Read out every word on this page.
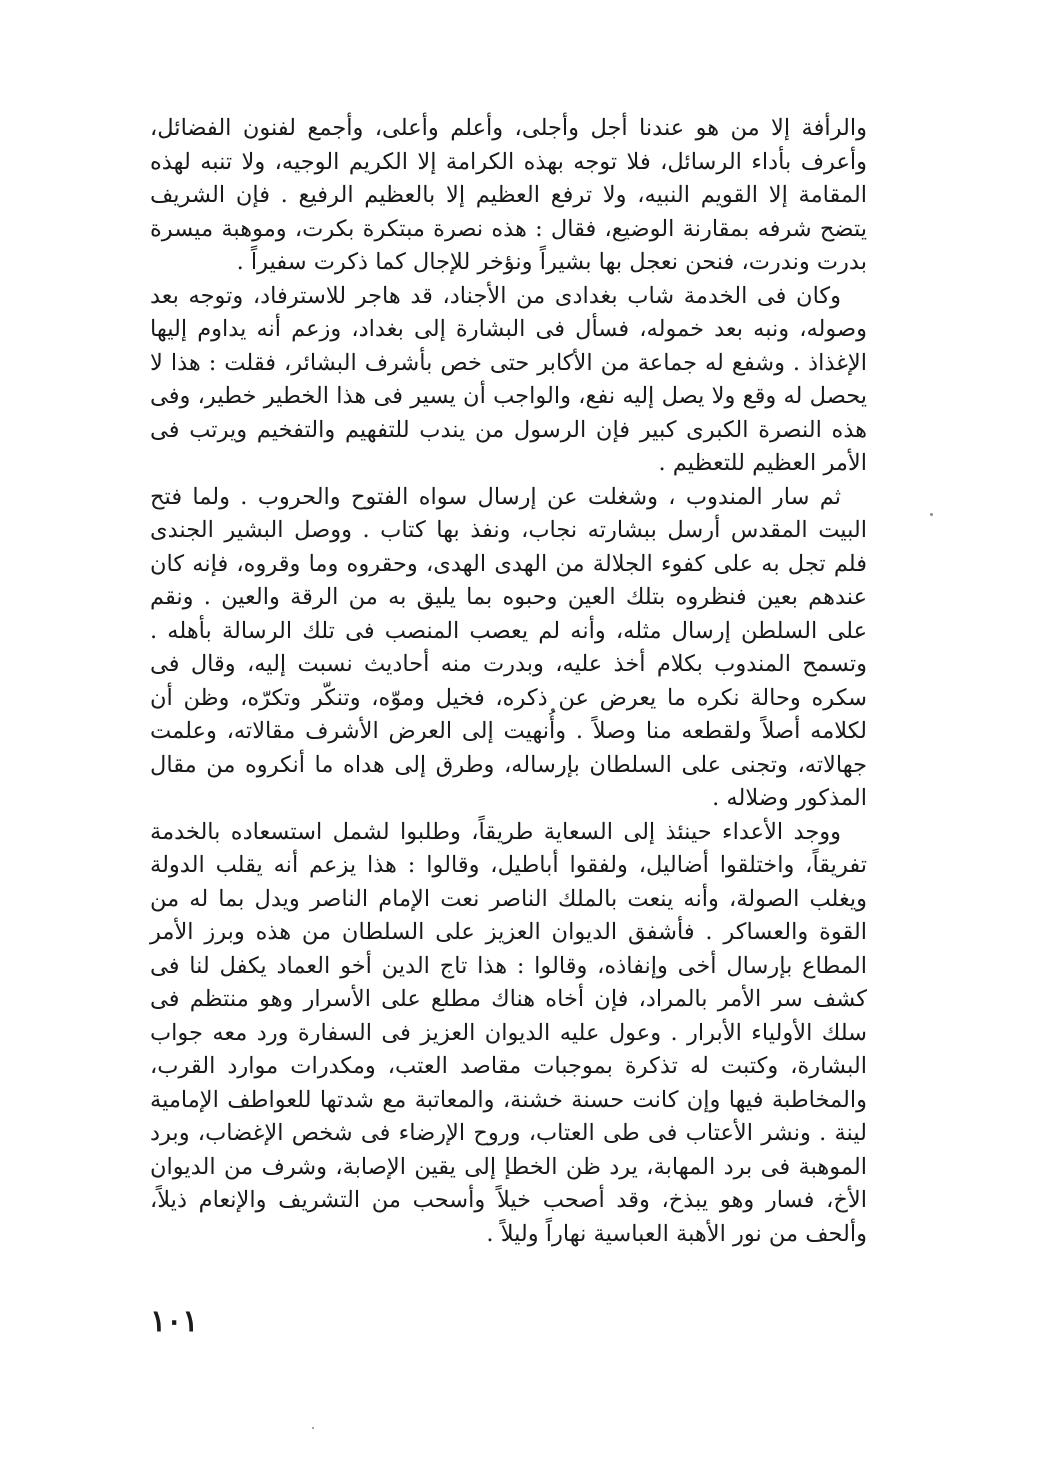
والرأفة إلا من هو عندنا أجل وأجلى، وأعلم وأعلى، وأجمع لفنون الفضائل، وأعرف بأداء الرسائل، فلا توجه بهذه الكرامة إلا الكريم الوجيه، ولا تنبه لهذه المقامة إلا القويم النبيه، ولا ترفع العظيم إلا بالعظيم الرفيع . فإن الشريف يتضح شرفه بمقارنة الوضيع، فقال : هذه نصرة مبتكرة بكرت، وموهبة ميسرة بدرت وندرت، فنحن نعجل بها بشيراً ونؤخر للإجال كما ذكرت سفيراً .

وكان فى الخدمة شاب بغدادى من الأجناد، قد هاجر للاسترفاد، وتوجه بعد وصوله، ونبه بعد خموله، فسأل فى البشارة إلى بغداد، وزعم أنه يداوم إليها الإغذاذ . وشفع له جماعة من الأكابر حتى خص بأشرف البشائر، فقلت : هذا لا يحصل له وقع ولا يصل إليه نفع، والواجب أن يسير فى هذا الخطير خطير، وفى هذه النصرة الكبرى كبير فإن الرسول من يندب للتفهيم والتفخيم ويرتب فى الأمر العظيم للتعظيم .

ثم سار المندوب ، وشغلت عن إرسال سواه الفتوح والحروب . ولما فتح البيت المقدس أرسل ببشارته نجاب، ونفذ بها كتاب . ووصل البشير الجندى فلم تجل به على كفوء الجلالة من الهدى الهدى، وحقروه وما وقروه، فإنه كان عندهم بعين فنظروه بتلك العين وحبوه بما يليق به من الرقة والعين . ونقم على السلطن إرسال مثله، وأنه لم يعصب المنصب فى تلك الرسالة بأهله . وتسمح المندوب بكلام أخذ عليه، وبدرت منه أحاديث نسبت إليه، وقال فى سكره وحالة نكره ما يعرض عن ذكره، فخيل وموّه، وتنكّر وتكرّه، وظن أن لكلامه أصلاً ولقطعه منا وصلاً . وأُنهيت إلى العرض الأشرف مقالاته، وعلمت جهالاته، وتجنى على السلطان بإرساله، وطرق إلى هداه ما أنكروه من مقال المذكور وضلاله .

ووجد الأعداء حينئذ إلى السعاية طريقاً، وطلبوا لشمل استسعاده بالخدمة تفريقاً، واختلقوا أضاليل، ولفقوا أباطيل، وقالوا : هذا يزعم أنه يقلب الدولة ويغلب الصولة، وأنه ينعت بالملك الناصر نعت الإمام الناصر ويدل بما له من القوة والعساكر . فأشفق الديوان العزيز على السلطان من هذه وبرز الأمر المطاع بإرسال أخى وإنفاذه، وقالوا : هذا تاج الدين أخو العماد يكفل لنا فى كشف سر الأمر بالمراد، فإن أخاه هناك مطلع على الأسرار وهو منتظم فى سلك الأولياء الأبرار . وعول عليه الديوان العزيز فى السفارة ورد معه جواب البشارة، وكتبت له تذكرة بموجبات مقاصد العتب، ومكدرات موارد القرب، والمخاطبة فيها وإن كانت حسنة خشنة، والمعاتبة مع شدتها للعواطف الإمامية لينة . ونشر الأعتاب فى طى العتاب، وروح الإرضاء فى شخص الإغضاب، وبرد الموهبة فى برد المهابة، يرد ظن الخطإ إلى يقين الإصابة، وشرف من الديوان الأخ، فسار وهو يبذخ، وقد أصحب خيلاً وأسحب من التشريف والإنعام ذيلاً، وألحف من نور الأهبة العباسية نهاراً وليلاً .

١٠١
